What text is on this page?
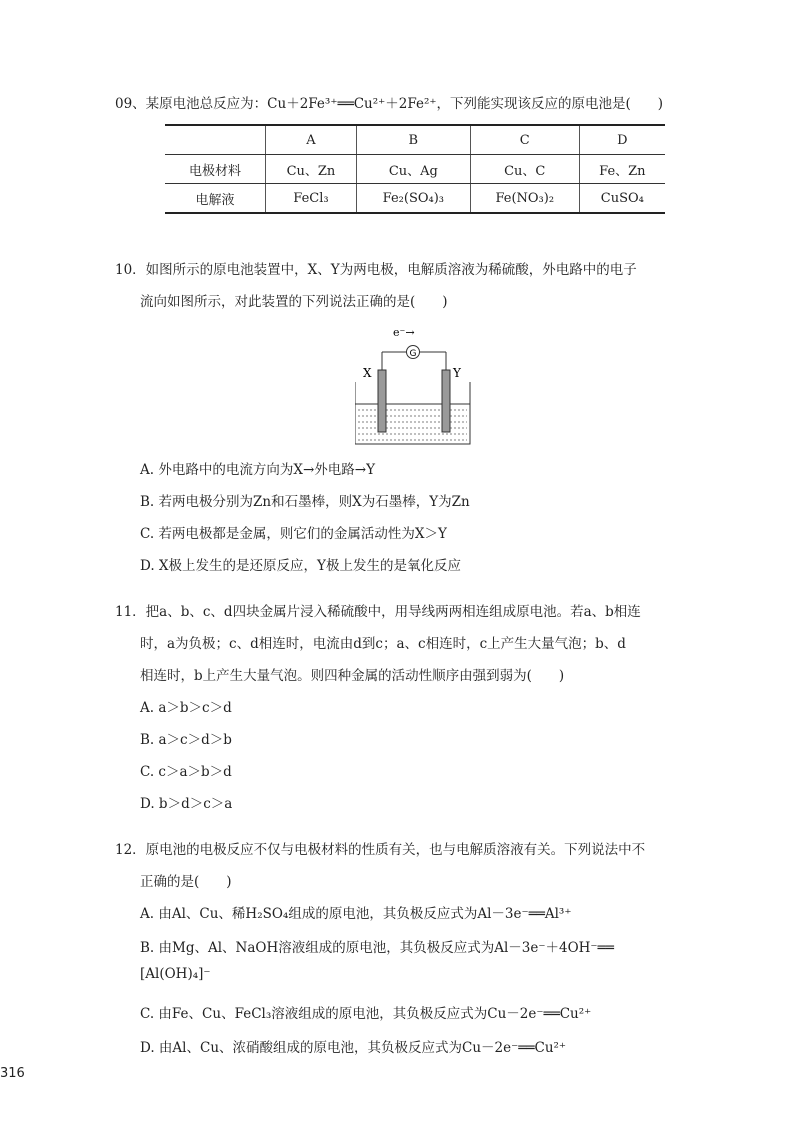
09、某原电池总反应为：Cu＋2Fe³⁺══Cu²⁺＋2Fe²⁺，下列能实现该反应的原电池是(　　)
	A	B	C	D
电极材料	Cu、Zn	Cu、Ag	Cu、C	Fe、Zn
电解液	FeCl₃	Fe₂(SO₄)₃	Fe(NO₃)₂	CuSO₄
10．如图所示的原电池装置中，X、Y为两电极，电解质溶液为稀硫酸，外电路中的电子
流向如图所示，对此装置的下列说法正确的是(　　)
e⁻→
G
X	Y
A. 外电路中的电流方向为X→外电路→Y
B. 若两电极分别为Zn和石墨棒，则X为石墨棒，Y为Zn
C. 若两电极都是金属，则它们的金属活动性为X＞Y
D. X极上发生的是还原反应，Y极上发生的是氧化反应
11．把a、b、c、d四块金属片浸入稀硫酸中，用导线两两相连组成原电池。若a、b相连
时，a为负极；c、d相连时，电流由d到c；a、c相连时，c上产生大量气泡；b、d
相连时，b上产生大量气泡。则四种金属的活动性顺序由强到弱为(　　)
A. a＞b＞c＞d
B. a＞c＞d＞b
C. c＞a＞b＞d
D. b＞d＞c＞a
12．原电池的电极反应不仅与电极材料的性质有关，也与电解质溶液有关。下列说法中不
正确的是(　　)
A. 由Al、Cu、稀H₂SO₄组成的原电池，其负极反应式为Al－3e⁻══Al³⁺
B. 由Mg、Al、NaOH溶液组成的原电池，其负极反应式为Al－3e⁻＋4OH⁻══
[Al(OH)₄]⁻
C. 由Fe、Cu、FeCl₃溶液组成的原电池，其负极反应式为Cu－2e⁻══Cu²⁺
D. 由Al、Cu、浓硝酸组成的原电池，其负极反应式为Cu－2e⁻══Cu²⁺
316
